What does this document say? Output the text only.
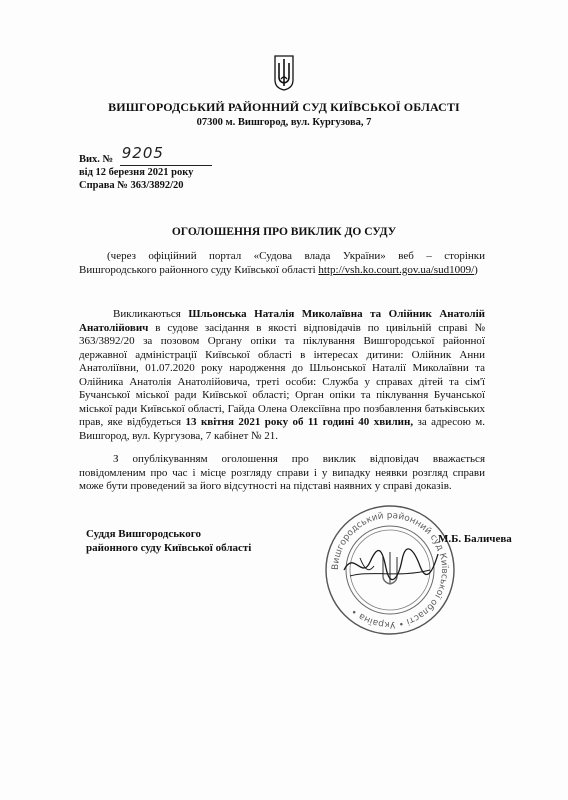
ВИШГОРОДСЬКИЙ РАЙОННИЙ СУД КИЇВСЬКОЇ ОБЛАСТІ
07300 м. Вишгород, вул. Кургузова, 7
Вих. № 9205
від 12 березня 2021 року
Справа № 363/3892/20
ОГОЛОШЕННЯ ПРО ВИКЛИК ДО СУДУ
(через офіційний портал «Судова влада України» веб – сторінки Вишгородського районного суду Київської області http://vsh.ko.court.gov.ua/sud1009/)
Викликаються Шльонська Наталія Миколаївна та Олійник Анатолій Анатолійович в судове засідання в якості відповідачів по цивільній справі № 363/3892/20 за позовом Органу опіки та піклування Вишгородської районної державної адміністрації Київської області в інтересах дитини: Олійник Анни Анатоліївни, 01.07.2020 року народження до Шльонської Наталії Миколаївни та Олійника Анатолія Анатолійовича, треті особи: Служба у справах дітей та сім'ї Бучанської міської ради Київської області; Орган опіки та піклування Бучанської міської ради Київської області, Гайда Олена Олексіївна про позбавлення батьківських прав, яке відбудеться 13 квітня 2021 року об 11 годині 40 хвилин, за адресою м. Вишгород, вул. Кургузова, 7 кабінет № 21.
З опублікуванням оголошення про виклик відповідач вважається повідомленим про час і місце розгляду справи і у випадку неявки розгляд справи може бути проведений за його відсутності на підставі наявних у справі доказів.
Суддя Вишгородського
районного суду Київської області
Вишгородський районний суд Київської області • Україна •
М.Б. Баличева
